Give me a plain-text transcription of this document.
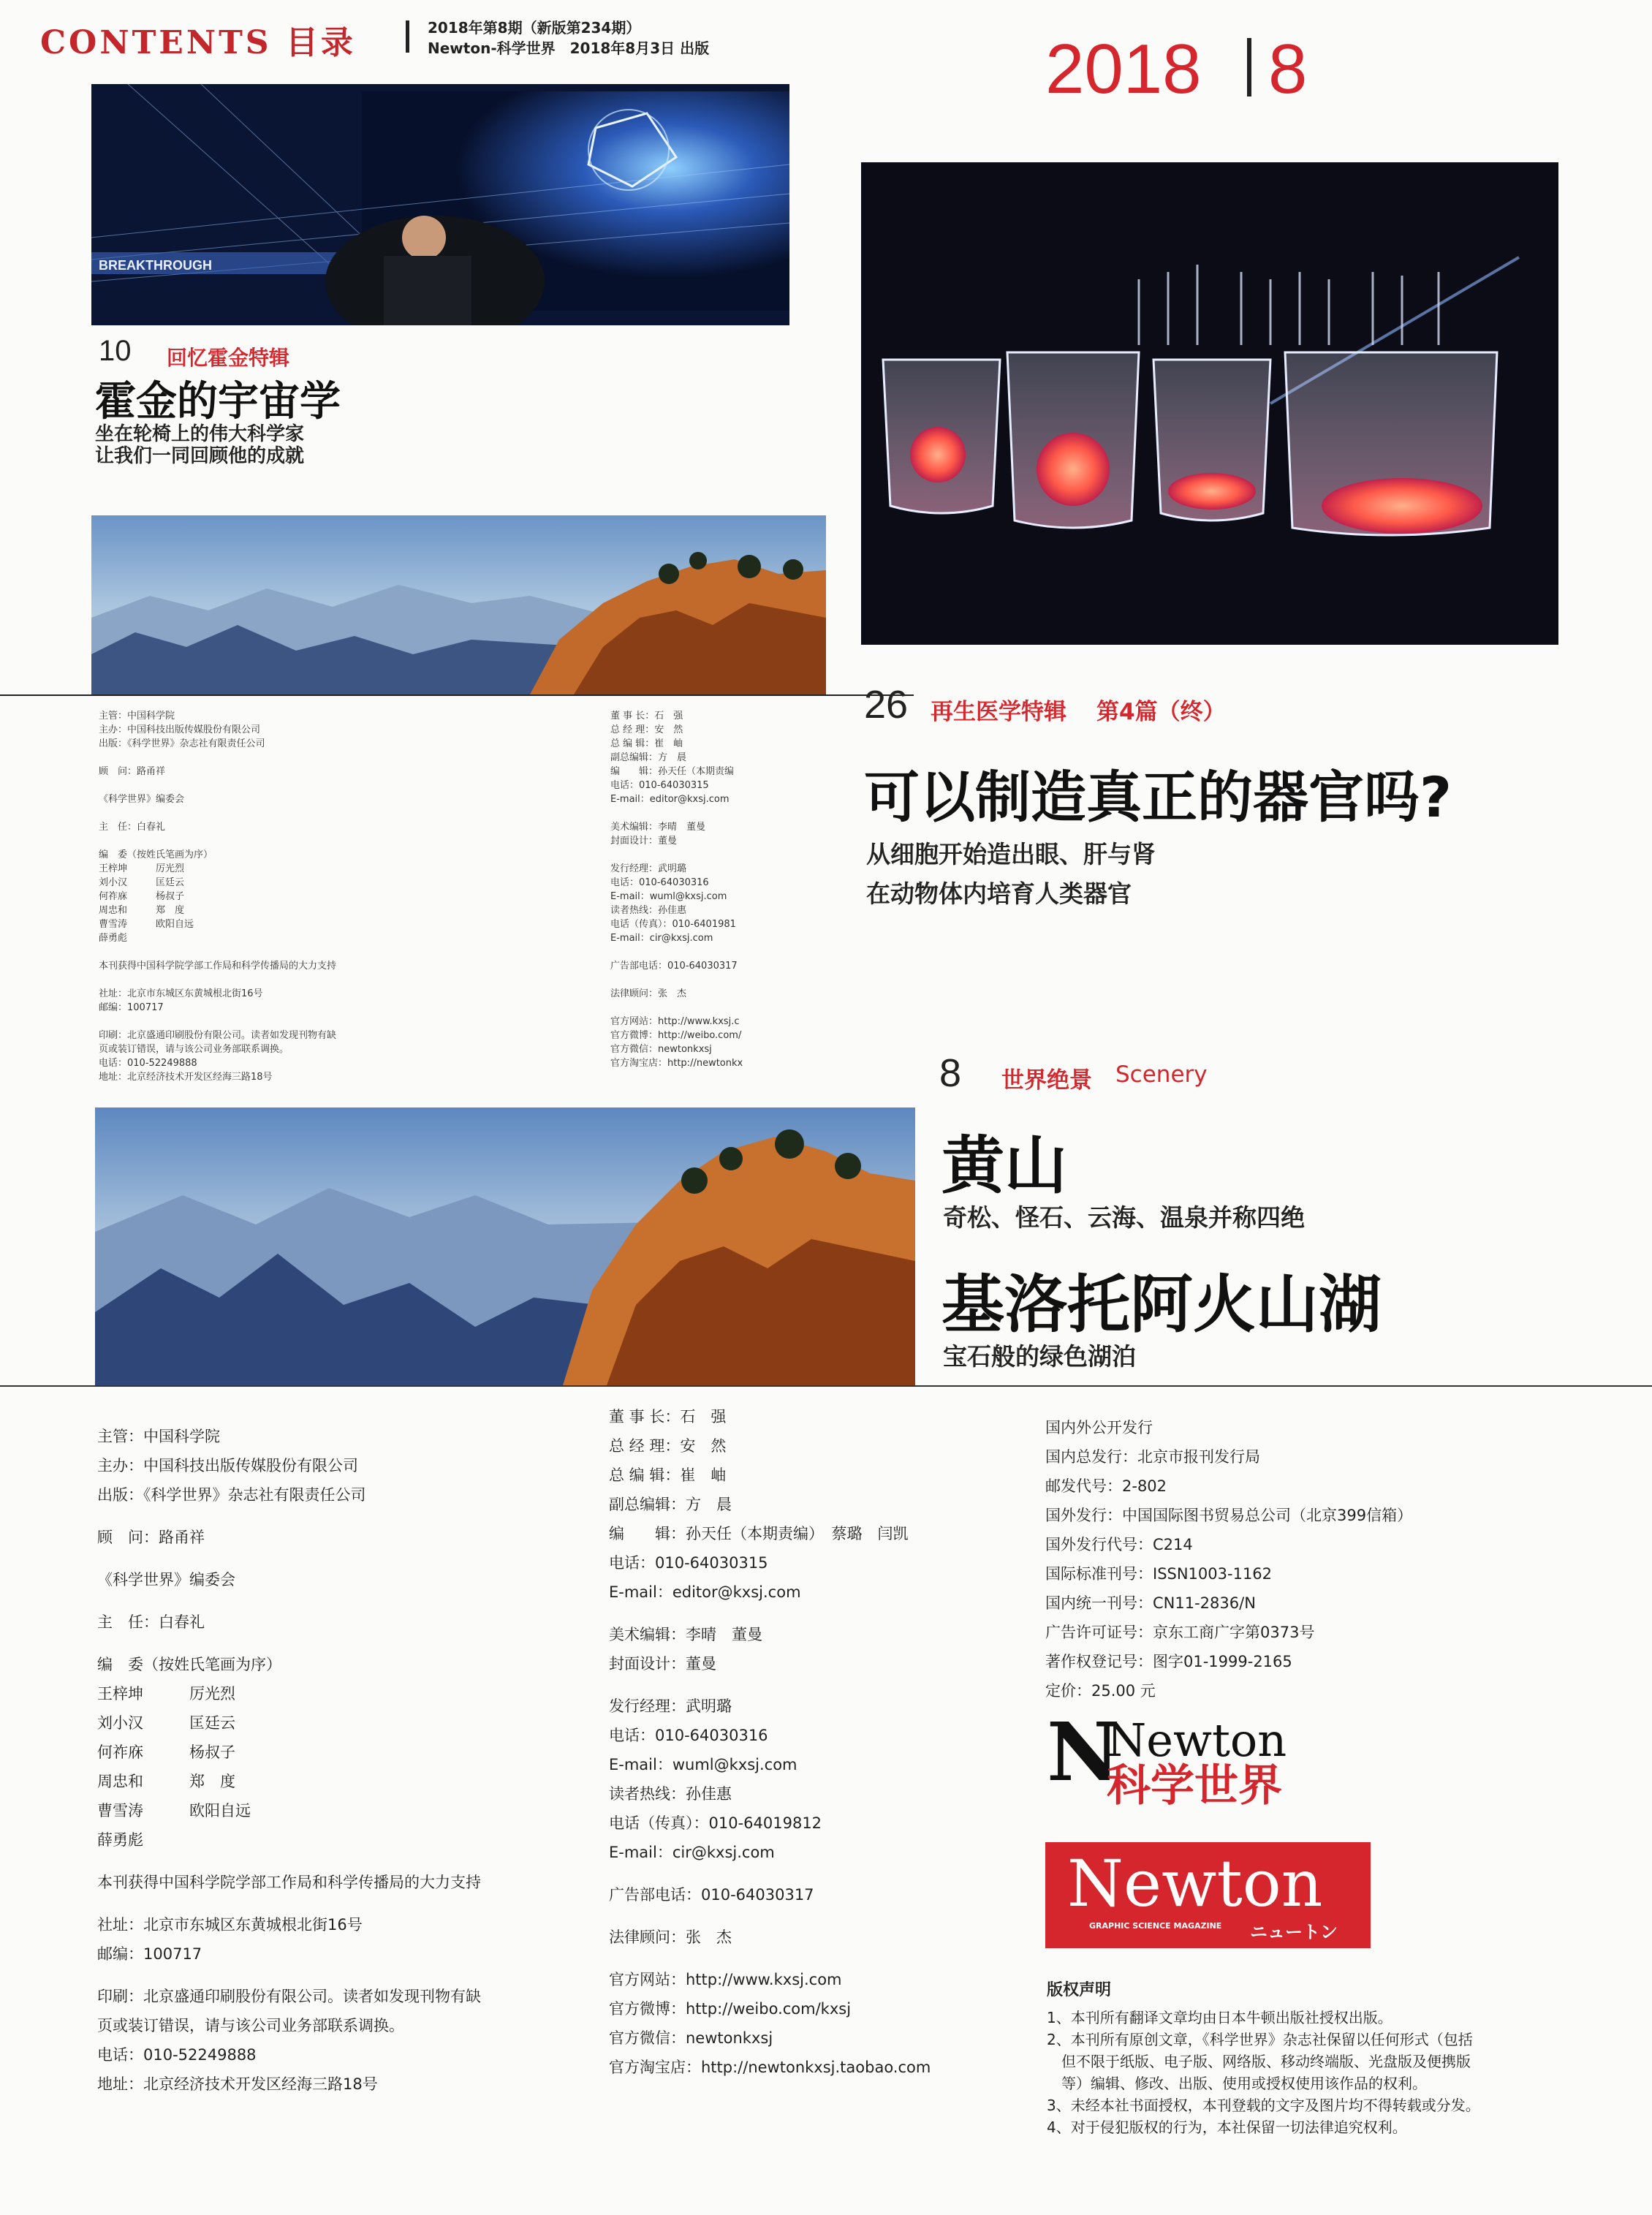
CONTENTS 目录	2018年第8期（新版第234期）
Newton-科学世界　2018年8月3日 出版	2018 8
BREAKTHROUGH
10 回忆霍金特辑
霍金的宇宙学
坐在轮椅上的伟大科学家
让我们一同回顾他的成就
主管：中国科学院
主办：中国科技出版传媒股份有限公司
出版：《科学世界》杂志社有限责任公司
顾　问：路甬祥
《科学世界》编委会
主　任：白春礼
编　委（按姓氏笔画为序）
王梓坤　　　厉光烈
刘小汉　　　匡廷云
何祚庥　　　杨叔子
周忠和　　　郑　度
曹雪涛　　　欧阳自远
薛勇彪
本刊获得中国科学院学部工作局和科学传播局的大力支持
社址：北京市东城区东黄城根北街16号
邮编：100717
印刷：北京盛通印刷股份有限公司。读者如发现刊物有缺
页或装订错误，请与该公司业务部联系调换。
电话：010-52249888
地址：北京经济技术开发区经海三路18号
董 事 长：石　强
总 经 理：安　然
总 编 辑：崔　岫
副总编辑：方　晨
编　　辑：孙天任（本期责编
电话：010-64030315
E-mail：editor@kxsj.com
美术编辑：李晴　董曼
封面设计：董曼
发行经理：武明璐
电话：010-64030316
E-mail：wuml@kxsj.com
读者热线：孙佳惠
电话（传真）：010-6401981
E-mail：cir@kxsj.com
广告部电话：010-64030317
法律顾问：张　杰
官方网站：http://www.kxsj.c
官方微博：http://weibo.com/
官方微信：newtonkxsj
官方淘宝店：http://newtonkx
26 再生医学特辑 第4篇（终）
可以制造真正的器官吗?
从细胞开始造出眼、肝与肾
在动物体内培育人类器官
8 世界绝景 Scenery
黄山
奇松、怪石、云海、温泉并称四绝
基洛托阿火山湖
宝石般的绿色湖泊
主管：中国科学院
主办：中国科技出版传媒股份有限公司
出版：《科学世界》杂志社有限责任公司
顾　问：路甬祥
《科学世界》编委会
主　任：白春礼
编　委（按姓氏笔画为序）
王梓坤　　　厉光烈
刘小汉　　　匡廷云
何祚庥　　　杨叔子
周忠和　　　郑　度
曹雪涛　　　欧阳自远
薛勇彪
本刊获得中国科学院学部工作局和科学传播局的大力支持
社址：北京市东城区东黄城根北街16号
邮编：100717
印刷：北京盛通印刷股份有限公司。读者如发现刊物有缺
页或装订错误，请与该公司业务部联系调换。
电话：010-52249888
地址：北京经济技术开发区经海三路18号
董 事 长：石　强
总 经 理：安　然
总 编 辑：崔　岫
副总编辑：方　晨
编　　辑：孙天任（本期责编）　蔡璐　闫凯
电话：010-64030315
E-mail：editor@kxsj.com
美术编辑：李晴　董曼
封面设计：董曼
发行经理：武明璐
电话：010-64030316
E-mail：wuml@kxsj.com
读者热线：孙佳惠
电话（传真）：010-64019812
E-mail：cir@kxsj.com
广告部电话：010-64030317
法律顾问：张　杰
官方网站：http://www.kxsj.com
官方微博：http://weibo.com/kxsj
官方微信：newtonkxsj
官方淘宝店：http://newtonkxsj.taobao.com
国内外公开发行
国内总发行：北京市报刊发行局
邮发代号：2-802
国外发行：中国国际图书贸易总公司（北京399信箱）
国外发行代号：C214
国际标准刊号：ISSN1003-1162
国内统一刊号：CN11-2836/N
广告许可证号：京东工商广字第0373号
著作权登记号：图字01-1999-2165
定价：25.00 元
N
Newton
科学世界
Newton
GRAPHIC SCIENCE MAGAZINE ニュートン
版权声明
1、本刊所有翻译文章均由日本牛顿出版社授权出版。
2、本刊所有原创文章，《科学世界》杂志社保留以任何形式（包括
　但不限于纸版、电子版、网络版、移动终端版、光盘版及便携版
　等）编辑、修改、出版、使用或授权使用该作品的权利。
3、未经本社书面授权，本刊登载的文字及图片均不得转载或分发。
4、对于侵犯版权的行为，本社保留一切法律追究权利。
